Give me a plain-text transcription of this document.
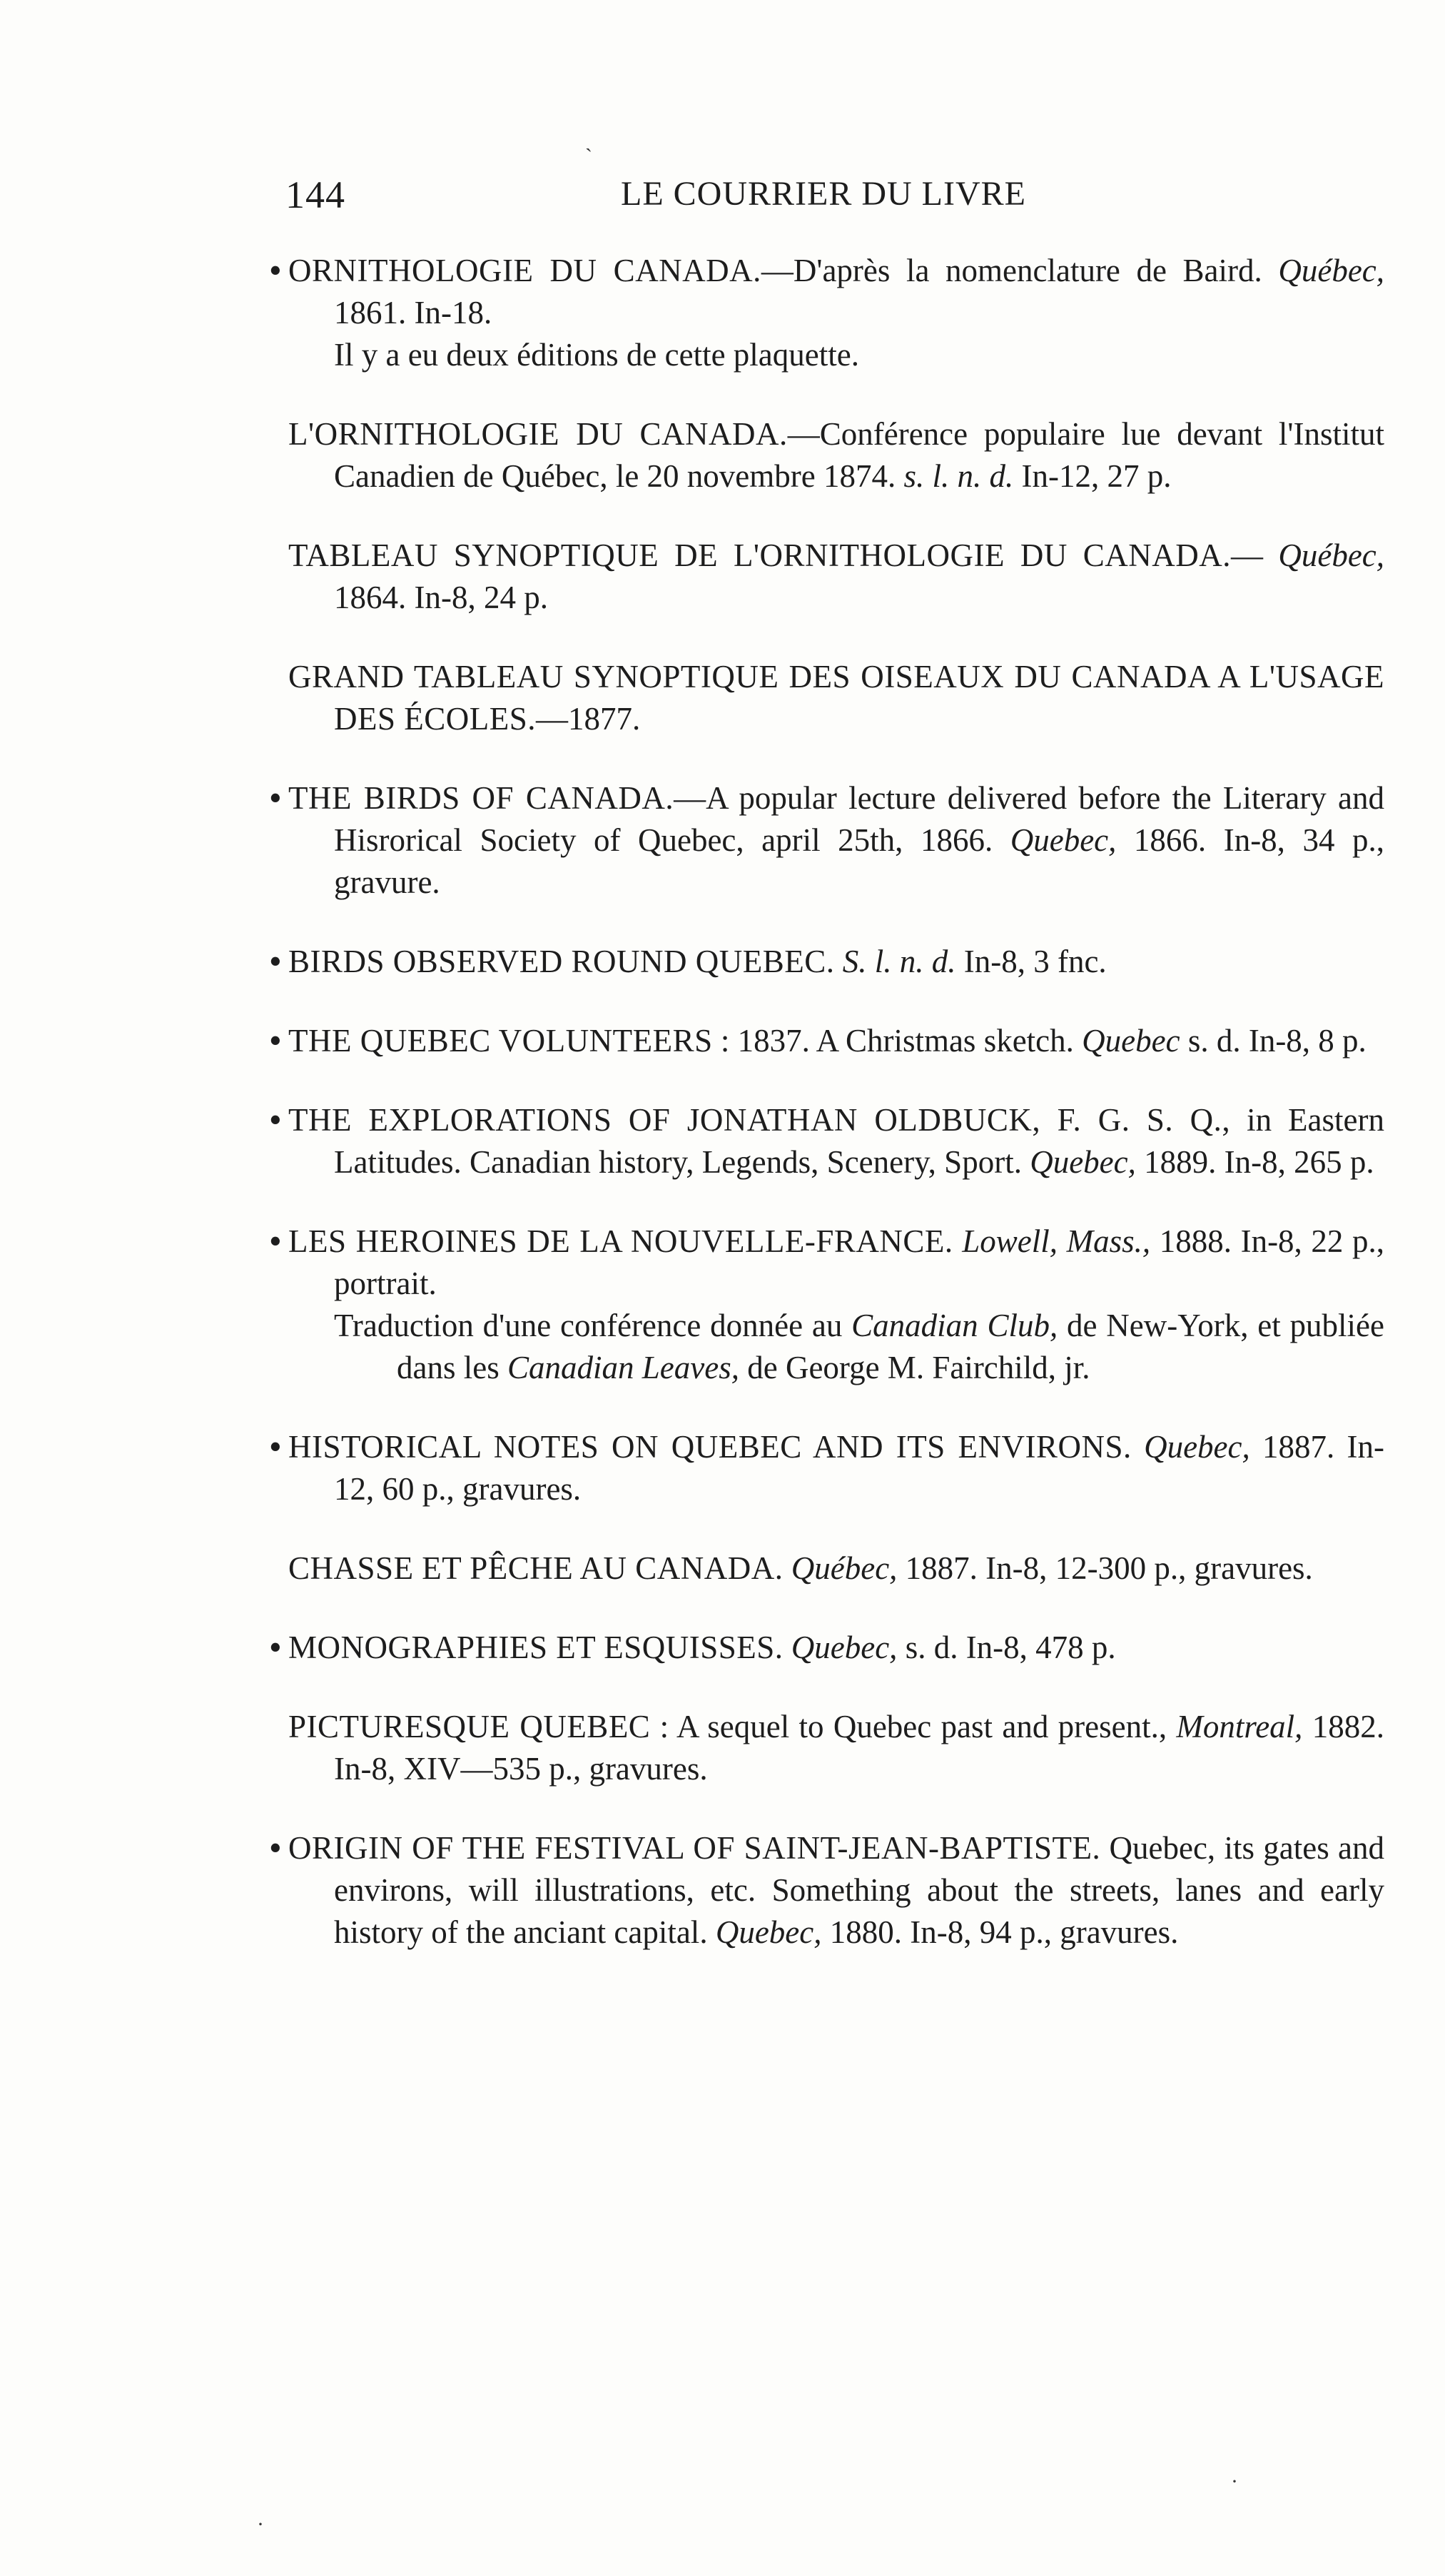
144	LE COURRIER DU LIVRE

• ORNITHOLOGIE DU CANADA.—D'après la nomenclature de Baird. Québec, 1861. In-18.

Il y a eu deux éditions de cette plaquette.

L'ORNITHOLOGIE DU CANADA.—Conférence populaire lue devant l'Institut Canadien de Québec, le 20 novembre 1874. s. l. n. d. In-12, 27 p.

TABLEAU SYNOPTIQUE DE L'ORNITHOLOGIE DU CANADA.— Québec, 1864. In-8, 24 p.

GRAND TABLEAU SYNOPTIQUE DES OISEAUX DU CANADA A L'USAGE DES ÉCOLES.—1877.

• THE BIRDS OF CANADA.—A popular lecture delivered before the Literary and Hisrorical Society of Quebec, april 25th, 1866. Quebec, 1866. In-8, 34 p., gravure.

• BIRDS OBSERVED ROUND QUEBEC. S. l. n. d. In-8, 3 fnc.

• THE QUEBEC VOLUNTEERS : 1837. A Christmas sketch. Quebec s. d. In-8, 8 p.

• THE EXPLORATIONS OF JONATHAN OLDBUCK, F. G. S. Q., in Eastern Latitudes. Canadian history, Legends, Scenery, Sport. Quebec, 1889. In-8, 265 p.

• LES HEROINES DE LA NOUVELLE-FRANCE. Lowell, Mass., 1888. In-8, 22 p., portrait.

Traduction d'une conférence donnée au Canadian Club, de New-York, et publiée dans les Canadian Leaves, de George M. Fairchild, jr.

• HISTORICAL NOTES ON QUEBEC AND ITS ENVIRONS. Quebec, 1887. In-12, 60 p., gravures.

CHASSE ET PÊCHE AU CANADA. Québec, 1887. In-8, 12-300 p., gravures.

• MONOGRAPHIES ET ESQUISSES. Quebec, s. d. In-8, 478 p.

PICTURESQUE QUEBEC : A sequel to Quebec past and present., Montreal, 1882. In-8, XIV—535 p., gravures.

• ORIGIN OF THE FESTIVAL OF SAINT-JEAN-BAPTISTE. Quebec, its gates and environs, will illustrations, etc. Something about the streets, lanes and early history of the anciant capital. Quebec, 1880. In-8, 94 p., gravures.

ˎ
·
·
